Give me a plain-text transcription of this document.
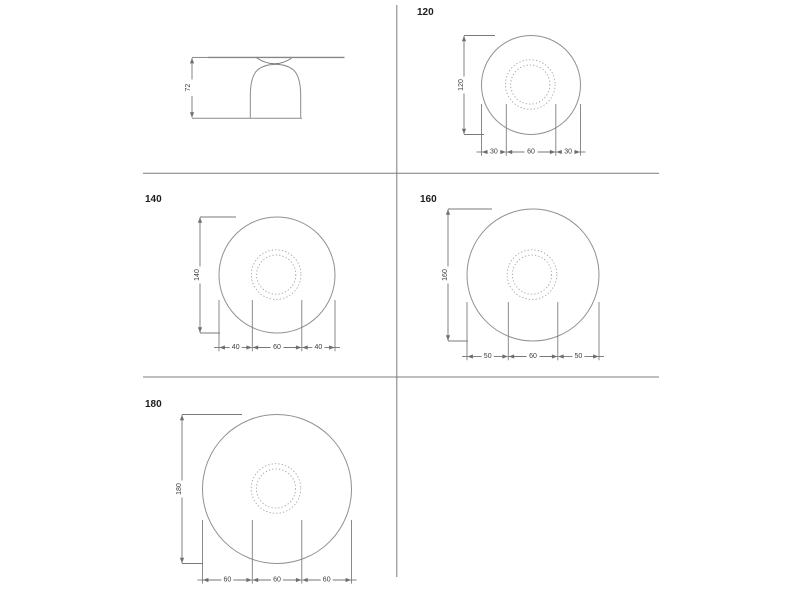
72
120
120
30	60	30
140
140
40	60	40
160
160
50	60	50
180
180
60	60	60
